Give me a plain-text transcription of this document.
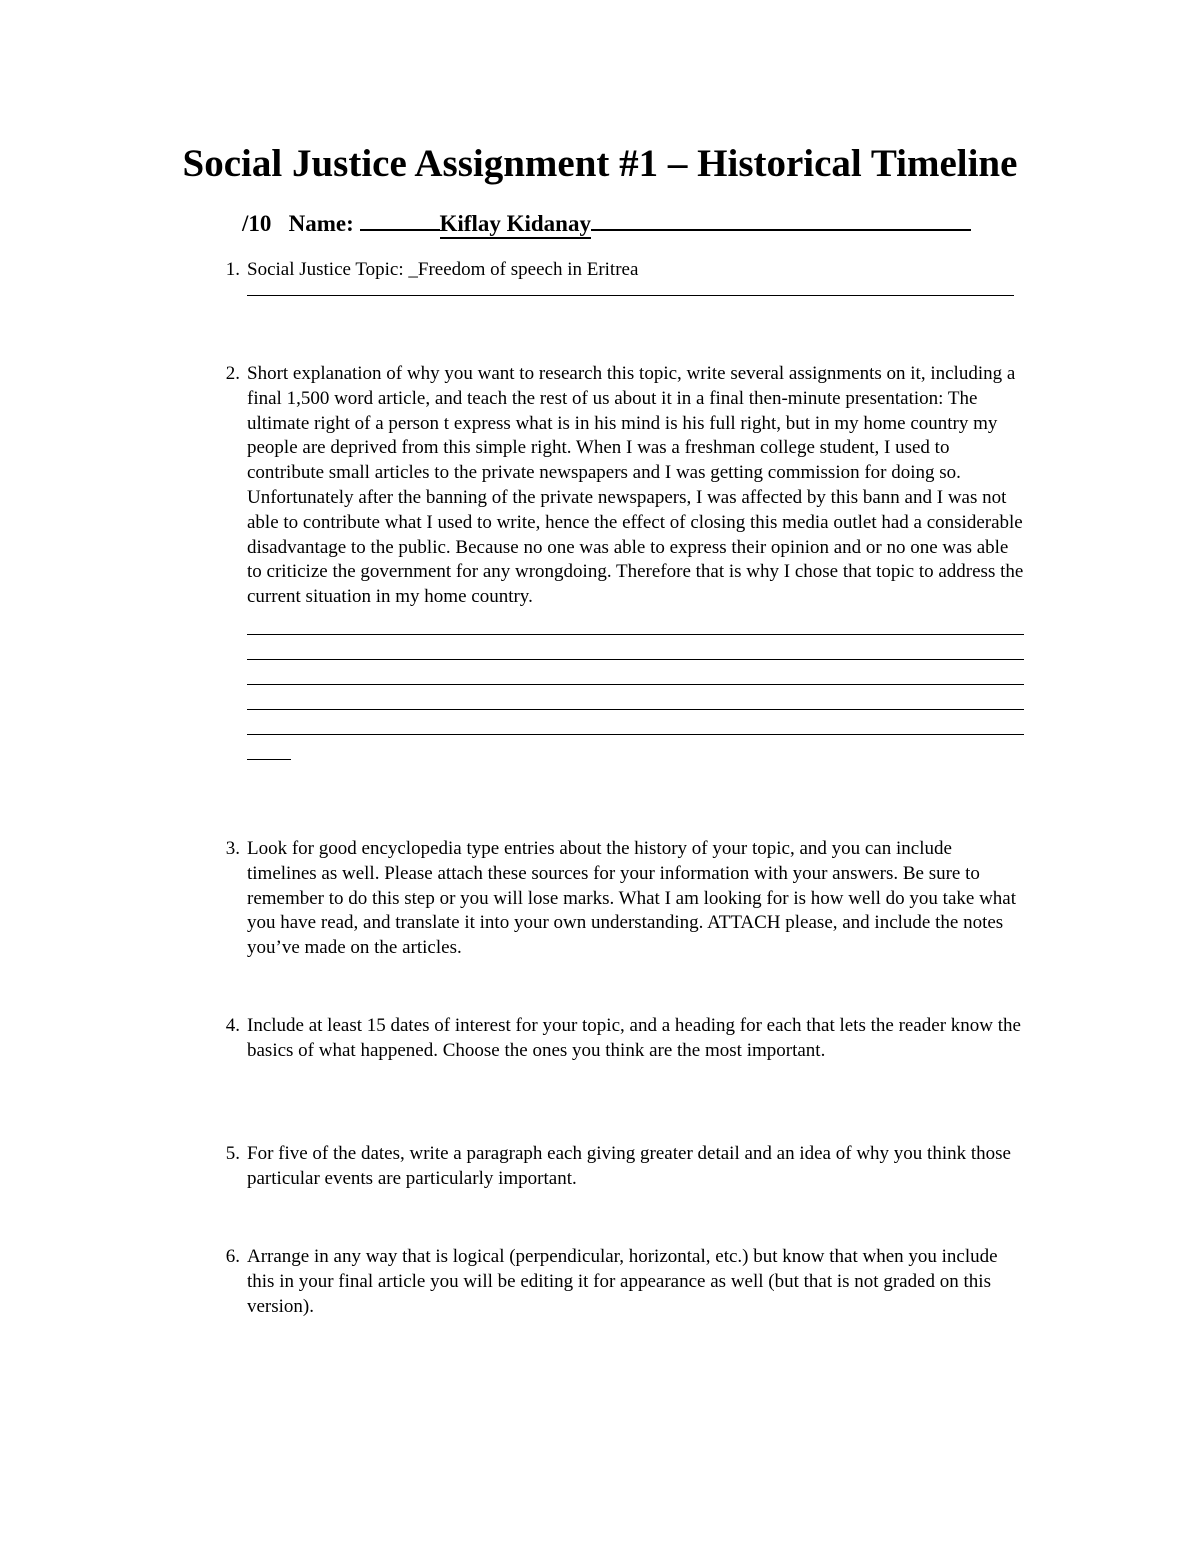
Social Justice Assignment #1 – Historical Timeline
/10 Name:	Kiflay Kidanay
1. Social Justice Topic: _Freedom of speech in Eritrea
2. Short explanation of why you want to research this topic, write several assignments on it, including a final 1,500 word article, and teach the rest of us about it in a final then-minute presentation: The ultimate right of a person t express what is in his mind is his full right, but in my home country my people are deprived from this simple right. When I was a freshman college student, I used to contribute small articles to the private newspapers and I was getting commission for doing so. Unfortunately after the banning of the private newspapers, I was affected by this bann and I was not able to contribute what I used to write, hence the effect of closing this media outlet had a considerable disadvantage to the public. Because no one was able to express their opinion and or no one was able to criticize the government for any wrongdoing. Therefore that is why I chose that topic to address the current situation in my home country.
3. Look for good encyclopedia type entries about the history of your topic, and you can include timelines as well. Please attach these sources for your information with your answers. Be sure to remember to do this step or you will lose marks. What I am looking for is how well do you take what you have read, and translate it into your own understanding. ATTACH please, and include the notes you’ve made on the articles.
4. Include at least 15 dates of interest for your topic, and a heading for each that lets the reader know the basics of what happened. Choose the ones you think are the most important.
5. For five of the dates, write a paragraph each giving greater detail and an idea of why you think those particular events are particularly important.
6. Arrange in any way that is logical (perpendicular, horizontal, etc.) but know that when you include this in your final article you will be editing it for appearance as well (but that is not graded on this version).
